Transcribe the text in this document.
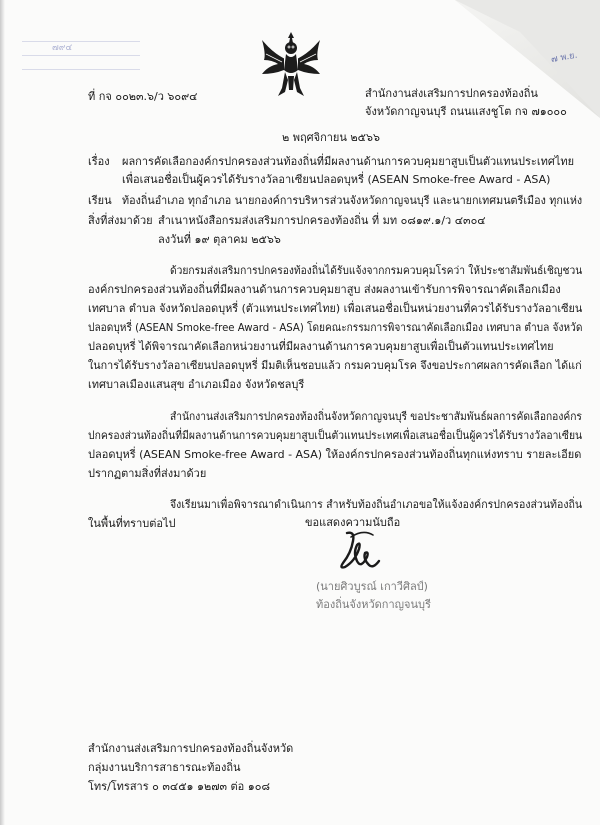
๗๙๔
๗ พ.ย.
ที่ กจ ๐๐๒๓.๖/ว ๖๐๙๔	สำนักงานส่งเสริมการปกครองท้องถิ่น
จังหวัดกาญจนบุรี ถนนแสงชูโต กจ ๗๑๐๐๐
๒ พฤศจิกายน ๒๕๖๖
เรื่อง ผลการคัดเลือกองค์กรปกครองส่วนท้องถิ่นที่มีผลงานด้านการควบคุมยาสูบเป็นตัวแทนประเทศไทย
เพื่อเสนอชื่อเป็นผู้ควรได้รับรางวัลอาเซียนปลอดบุหรี่ (ASEAN Smoke-free Award - ASA)
เรียน ท้องถิ่นอำเภอ ทุกอำเภอ นายกองค์การบริหารส่วนจังหวัดกาญจนบุรี และนายกเทศมนตรีเมือง ทุกแห่ง
สิ่งที่ส่งมาด้วย สำเนาหนังสือกรมส่งเสริมการปกครองท้องถิ่น ที่ มท ๐๘๑๙.๑/ว ๔๓๐๔
ลงวันที่ ๑๙ ตุลาคม ๒๕๖๖
ด้วยกรมส่งเสริมการปกครองท้องถิ่นได้รับแจ้งจากกรมควบคุมโรคว่า ให้ประชาสัมพันธ์เชิญชวน
องค์กรปกครองส่วนท้องถิ่นที่มีผลงานด้านการควบคุมยาสูบ ส่งผลงานเข้ารับการพิจารณาคัดเลือกเมือง
เทศบาล ตำบล จังหวัดปลอดบุหรี่ (ตัวแทนประเทศไทย) เพื่อเสนอชื่อเป็นหน่วยงานที่ควรได้รับรางวัลอาเซียน
ปลอดบุหรี่ (ASEAN Smoke-free Award - ASA) โดยคณะกรรมการพิจารณาคัดเลือกเมือง เทศบาล ตำบล จังหวัด
ปลอดบุหรี่ ได้พิจารณาคัดเลือกหน่วยงานที่มีผลงานด้านการควบคุมยาสูบเพื่อเป็นตัวแทนประเทศไทย
ในการได้รับรางวัลอาเซียนปลอดบุหรี่ มีมติเห็นชอบแล้ว กรมควบคุมโรค จึงขอประกาศผลการคัดเลือก ได้แก่
เทศบาลเมืองแสนสุข อำเภอเมือง จังหวัดชลบุรี
สำนักงานส่งเสริมการปกครองท้องถิ่นจังหวัดกาญจนบุรี ขอประชาสัมพันธ์ผลการคัดเลือกองค์กร
ปกครองส่วนท้องถิ่นที่มีผลงานด้านการควบคุมยาสูบเป็นตัวแทนประเทศเพื่อเสนอชื่อเป็นผู้ควรได้รับรางวัลอาเซียน
ปลอดบุหรี่ (ASEAN Smoke-free Award - ASA) ให้องค์กรปกครองส่วนท้องถิ่นทุกแห่งทราบ รายละเอียด
ปรากฏตามสิ่งที่ส่งมาด้วย
จึงเรียนมาเพื่อพิจารณาดำเนินการ สำหรับท้องถิ่นอำเภอขอให้แจ้งองค์กรปกครองส่วนท้องถิ่น
ในพื้นที่ทราบต่อไป	ขอแสดงความนับถือ
(นายศิวบูรณ์ เกาวีศิลป์)
ท้องถิ่นจังหวัดกาญจนบุรี
สำนักงานส่งเสริมการปกครองท้องถิ่นจังหวัด
กลุ่มงานบริการสาธารณะท้องถิ่น
โทร/โทรสาร ๐ ๓๔๕๑ ๑๒๗๓ ต่อ ๑๐๘
